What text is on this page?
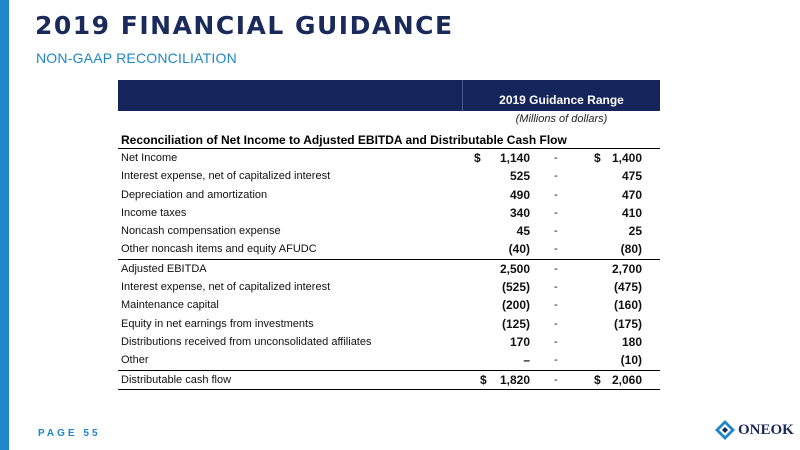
2019 FINANCIAL GUIDANCE
NON-GAAP RECONCILIATION
2019 Guidance Range
(Millions of dollars)
Reconciliation of Net Income to Adjusted EBITDA and Distributable Cash Flow
Net Income	$ 1,140 -	$ 1,400
Interest expense, net of capitalized interest	525 -	475
Depreciation and amortization	490 -	470
Income taxes	340 -	410
Noncash compensation expense	45 -	25
Other noncash items and equity AFUDC	(40) -	(80)
Adjusted EBITDA	2,500 -	2,700
Interest expense, net of capitalized interest	(525) -	(475)
Maintenance capital	(200) -	(160)
Equity in net earnings from investments	(125) -	(175)
Distributions received from unconsolidated affiliates	170 -	180
Other	– -	(10)
Distributable cash flow	$ 1,820 -	$ 2,060
PAGE 55	ONEOK
